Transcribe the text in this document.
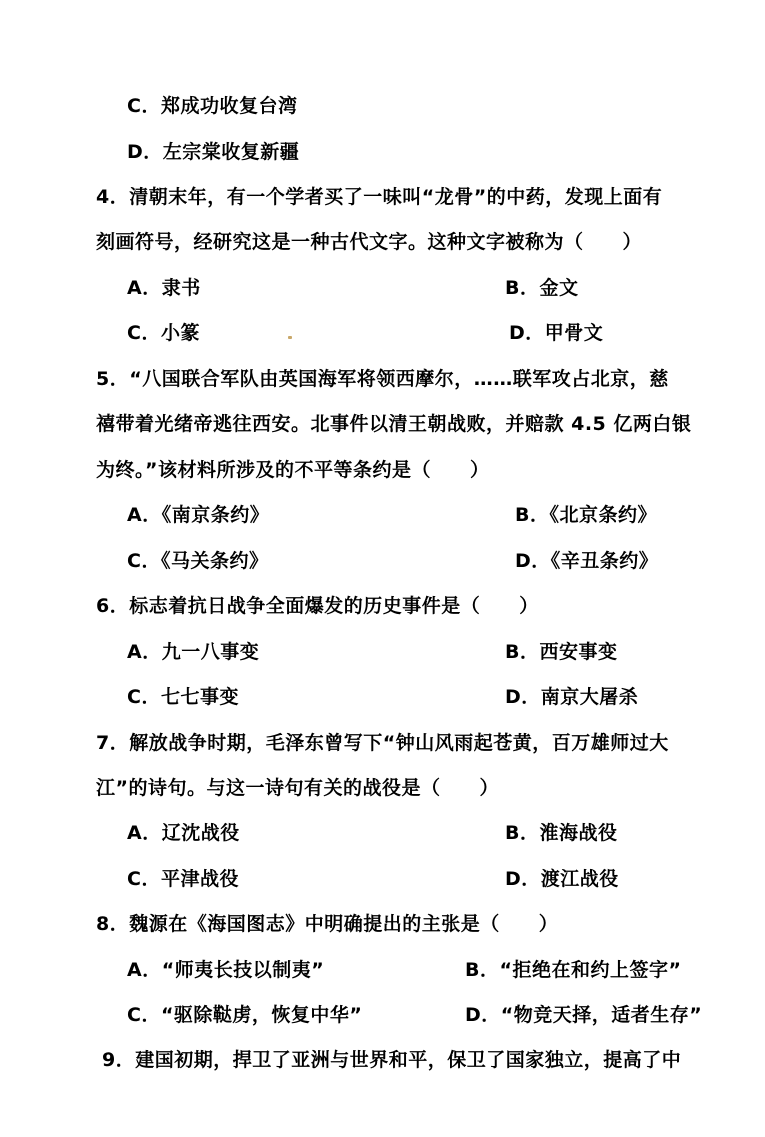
C．郑成功收复台湾
D．左宗棠收复新疆
4．清朝末年，有一个学者买了一味叫“龙骨”的中药，发现上面有
刻画符号，经研究这是一种古代文字。这种文字被称为（　　）
A．隶书	B．金文
C．小篆	D．甲骨文
5．“八国联合军队由英国海军将领西摩尔，……联军攻占北京，慈
禧带着光绪帝逃往西安。北事件以清王朝战败，并赔款 4.5 亿两白银
为终。”该材料所涉及的不平等条约是（　　）
A．《南京条约》	B．《北京条约》
C．《马关条约》	D．《辛丑条约》
6．标志着抗日战争全面爆发的历史事件是（　　）
A．九一八事变	B．西安事变
C．七七事变	D．南京大屠杀
7．解放战争时期，毛泽东曾写下“钟山风雨起苍黄，百万雄师过大
江”的诗句。与这一诗句有关的战役是（　　）
A．辽沈战役	B．淮海战役
C．平津战役	D．渡江战役
8．魏源在《海国图志》中明确提出的主张是（　　）
A．“师夷长技以制夷”	B．“拒绝在和约上签字”
C．“驱除鞑虏，恢复中华”	D．“物竞天择，适者生存”
9．建国初期，捍卫了亚洲与世界和平，保卫了国家独立，提高了中
